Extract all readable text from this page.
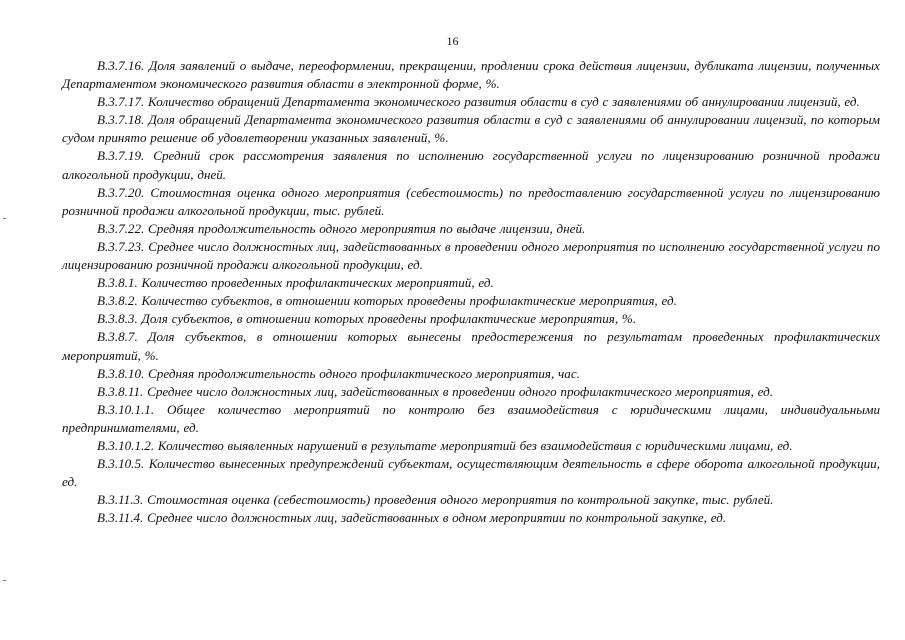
16

В.3.7.16. Доля заявлений о выдаче, переоформлении, прекращении, продлении срока действия лицензии, дубликата лицензии, полученных Департаментом экономического развития области в электронной форме, %.

В.3.7.17. Количество обращений Департамента экономического развития области в суд с заявлениями об аннулировании лицензий, ед.

В.3.7.18. Доля обращений Департамента экономического развития области в суд с заявлениями об аннулировании лицензий, по которым судом принято решение об удовлетворении указанных заявлений, %.

В.3.7.19. Средний срок рассмотрения заявления по исполнению государственной услуги по лицензированию розничной продажи алкогольной продукции, дней.

В.3.7.20. Стоимостная оценка одного мероприятия (себестоимость) по предоставлению государственной услуги по лицензированию розничной продажи алкогольной продукции, тыс. рублей.

В.3.7.22. Средняя продолжительность одного мероприятия по выдаче лицензии, дней.

В.3.7.23. Среднее число должностных лиц, задействованных в проведении одного мероприятия по исполнению государственной услуги по лицензированию розничной продажи алкогольной продукции, ед.

В.3.8.1. Количество проведенных профилактических мероприятий, ед.

В.3.8.2. Количество субъектов, в отношении которых проведены профилактические мероприятия, ед.

В.3.8.3. Доля субъектов, в отношении которых проведены профилактические мероприятия, %.

В.3.8.7. Доля субъектов, в отношении которых вынесены предостережения по результатам проведенных профилактических мероприятий, %.

В.3.8.10. Средняя продолжительность одного профилактического мероприятия, час.

В.3.8.11. Среднее число должностных лиц, задействованных в проведении одного профилактического мероприятия, ед.

В.3.10.1.1. Общее количество мероприятий по контролю без взаимодействия с юридическими лицами, индивидуальными предпринимателями, ед.

В.3.10.1.2. Количество выявленных нарушений в результате мероприятий без взаимодействия с юридическими лицами, ед.

В.3.10.5. Количество вынесенных предупреждений субъектам, осуществляющим деятельность в сфере оборота алкогольной продукции, ед.

В.3.11.3. Стоимостная оценка (себестоимость) проведения одного мероприятия по контрольной закупке, тыс. рублей.

В.3.11.4. Среднее число должностных лиц, задействованных в одном мероприятии по контрольной закупке, ед.
